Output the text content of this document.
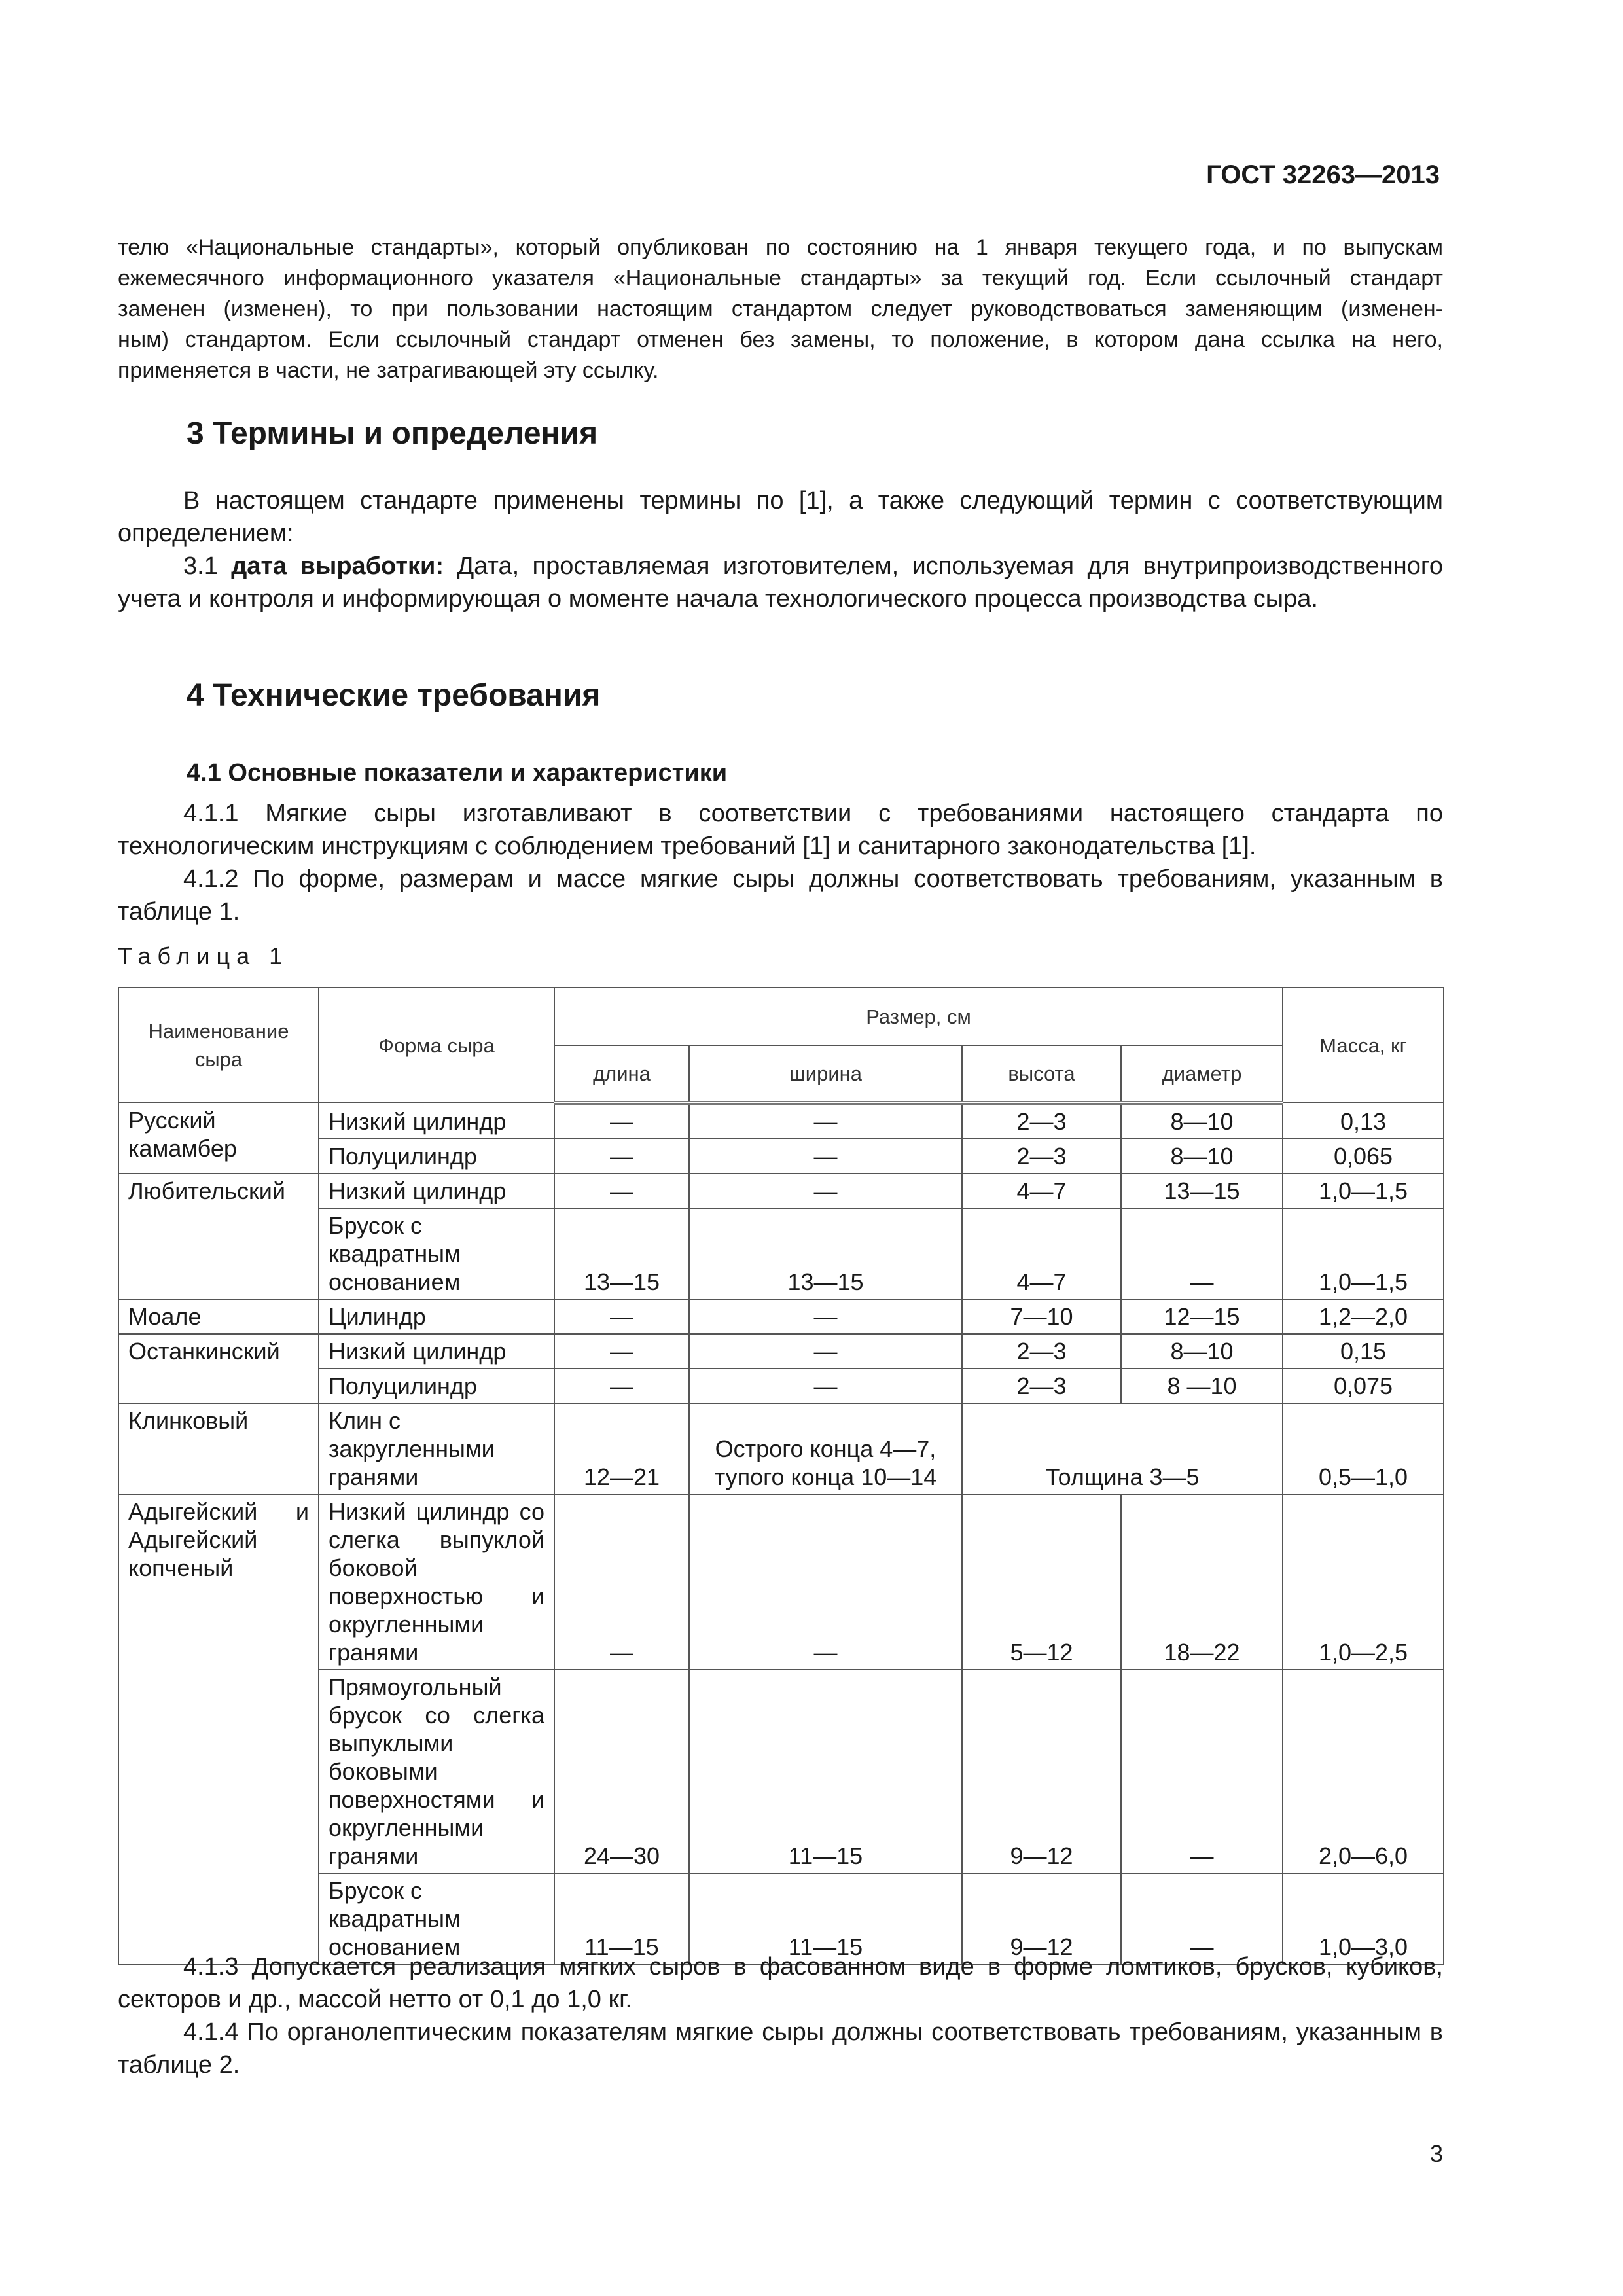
ГОСТ 32263—2013
телю «Национальные стандарты», который опубликован по состоянию на 1 января текущего года, и по выпускам
ежемесячного информационного указателя «Национальные стандарты» за текущий год. Если ссылочный стандарт
заменен (изменен), то при пользовании настоящим стандартом следует руководствоваться заменяющим (изменен-
ным) стандартом. Если ссылочный стандарт отменен без замены, то положение, в котором дана ссылка на него,
применяется в части, не затрагивающей эту ссылку.
3 Термины и определения

В настоящем стандарте применены термины по [1], а также следующий термин с соответствующим определением:

3.1 дата выработки: Дата, проставляемая изготовителем, используемая для внутрипроизводственного учета и контроля и информирующая о моменте начала технологического процесса производства сыра.

4 Технические требования
4.1 Основные показатели и характеристики

4.1.1 Мягкие сыры изготавливают в соответствии с требованиями настоящего стандарта по технологическим инструкциям с соблюдением требований [1] и санитарного законодательства [1].

4.1.2 По форме, размерам и массе мягкие сыры должны соответствовать требованиям, указанным в таблице 1.

Таблица 1
Наименование сыра	Форма сыра	Размер, см				Масса, кг
		длина	ширина	высота	диаметр	

Русский камамбер	Низкий цилиндр	—	—	2—3	8—10	0,13
	Полуцилиндр	—	—	2—3	8—10	0,065
Любительский	Низкий цилиндр	—	—	4—7	13—15	1,0—1,5
	Брусок с квадратным основанием	13—15	13—15	4—7	—	1,0—1,5
Моале	Цилиндр	—	—	7—10	12—15	1,2—2,0
Останкинский	Низкий цилиндр	—	—	2—3	8—10	0,15
	Полуцилиндр	—	—	2—3	8 —10	0,075
Клинковый	Клин с закругленными гранями	12—21	Острого конца 4—7, тупого конца 10—14	Толщина 3—5		0,5—1,0

Адыгейский и Адыгейский копченый	Низкий цилиндр со слегка выпуклой боковой поверхностью и округленными гранями	—	—	5—12	18—22	1,0—2,5

	Прямоугольный брусок со слегка выпуклыми боковыми поверхностями и округленными гранями	24—30	11—15	9—12	—	2,0—6,0
	Брусок с квадратным основанием	11—15	11—15	9—12	—	1,0—3,0

4.1.3 Допускается реализация мягких сыров в фасованном виде в форме ломтиков, брусков, кубиков, секторов и др., массой нетто от 0,1 до 1,0 кг.

4.1.4 По органолептическим показателям мягкие сыры должны соответствовать требованиям, указанным в таблице 2.

3
